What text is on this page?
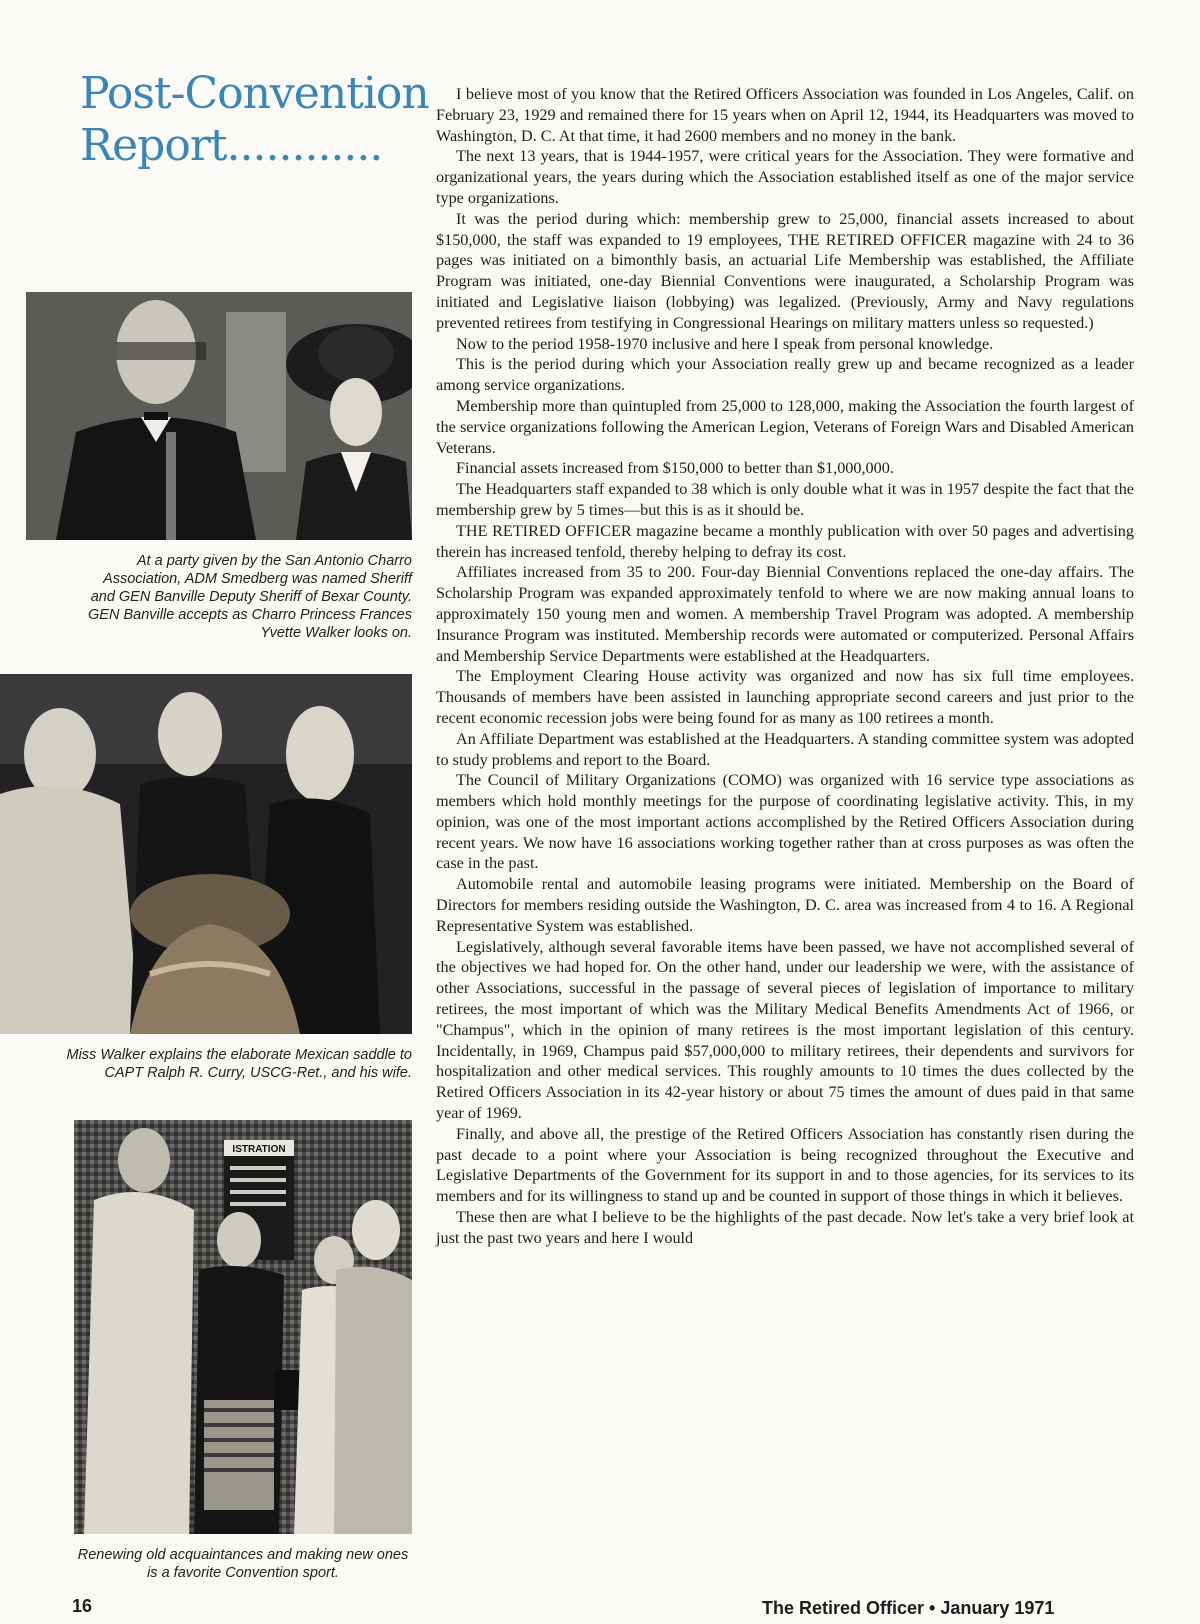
Post-Convention
Report............
At a party given by the San Antonio Charro Association, ADM Smedberg was named Sheriff and GEN Banville Deputy Sheriff of Bexar County. GEN Banville accepts as Charro Princess Frances Yvette Walker looks on.
Miss Walker explains the elaborate Mexican saddle to CAPT Ralph R. Curry, USCG-Ret., and his wife.
ISTRATION
Renewing old acquaintances and making new ones is a favorite Convention sport.

I believe most of you know that the Retired Officers Association was founded in Los Angeles, Calif. on February 23, 1929 and remained there for 15 years when on April 12, 1944, its Headquarters was moved to Washington, D. C. At that time, it had 2600 members and no money in the bank.

The next 13 years, that is 1944-1957, were critical years for the Association. They were formative and organizational years, the years during which the Association established itself as one of the major service type organizations.

It was the period during which: membership grew to 25,000, financial assets increased to about $150,000, the staff was expanded to 19 employees, THE RETIRED OFFICER magazine with 24 to 36 pages was initiated on a bimonthly basis, an actuarial Life Membership was established, the Affiliate Program was initiated, one-day Biennial Conventions were inaugurated, a Scholarship Program was initiated and Legislative liaison (lobbying) was legalized. (Previously, Army and Navy regulations prevented retirees from testifying in Congressional Hearings on military matters unless so requested.)

Now to the period 1958-1970 inclusive and here I speak from personal knowledge.

This is the period during which your Association really grew up and became recognized as a leader among service organizations.

Membership more than quintupled from 25,000 to 128,000, making the Association the fourth largest of the service organizations following the American Legion, Veterans of Foreign Wars and Disabled American Veterans.

Financial assets increased from $150,000 to better than $1,000,000.

The Headquarters staff expanded to 38 which is only double what it was in 1957 despite the fact that the membership grew by 5 times—but this is as it should be.

THE RETIRED OFFICER magazine became a monthly publication with over 50 pages and advertising therein has increased tenfold, thereby helping to defray its cost.

Affiliates increased from 35 to 200. Four-day Biennial Conventions replaced the one-day affairs. The Scholarship Program was expanded approximately tenfold to where we are now making annual loans to approximately 150 young men and women. A membership Travel Program was adopted. A membership Insurance Program was instituted. Membership records were automated or computerized. Personal Affairs and Membership Service Departments were established at the Headquarters.

The Employment Clearing House activity was organized and now has six full time employees. Thousands of members have been assisted in launching appropriate second careers and just prior to the recent economic recession jobs were being found for as many as 100 retirees a month.

An Affiliate Department was established at the Headquarters. A standing committee system was adopted to study problems and report to the Board.

The Council of Military Organizations (COMO) was organized with 16 service type associations as members which hold monthly meetings for the purpose of coordinating legislative activity. This, in my opinion, was one of the most important actions accomplished by the Retired Officers Association during recent years. We now have 16 associations working together rather than at cross purposes as was often the case in the past.

Automobile rental and automobile leasing programs were initiated. Membership on the Board of Directors for members residing outside the Washington, D. C. area was increased from 4 to 16. A Regional Representative System was established.

Legislatively, although several favorable items have been passed, we have not accomplished several of the objectives we had hoped for. On the other hand, under our leadership we were, with the assistance of other Associations, successful in the passage of several pieces of legislation of importance to military retirees, the most important of which was the Military Medical Benefits Amendments Act of 1966, or "Champus", which in the opinion of many retirees is the most important legislation of this century. Incidentally, in 1969, Champus paid $57,000,000 to military retirees, their dependents and survivors for hospitalization and other medical services. This roughly amounts to 10 times the dues collected by the Retired Officers Association in its 42-year history or about 75 times the amount of dues paid in that same year of 1969.

Finally, and above all, the prestige of the Retired Officers Association has constantly risen during the past decade to a point where your Association is being recognized throughout the Executive and Legislative Departments of the Government for its support in and to those agencies, for its services to its members and for its willingness to stand up and be counted in support of those things in which it believes.

These then are what I believe to be the highlights of the past decade. Now let's take a very brief look at just the past two years and here I would

16	The Retired Officer • January 1971
